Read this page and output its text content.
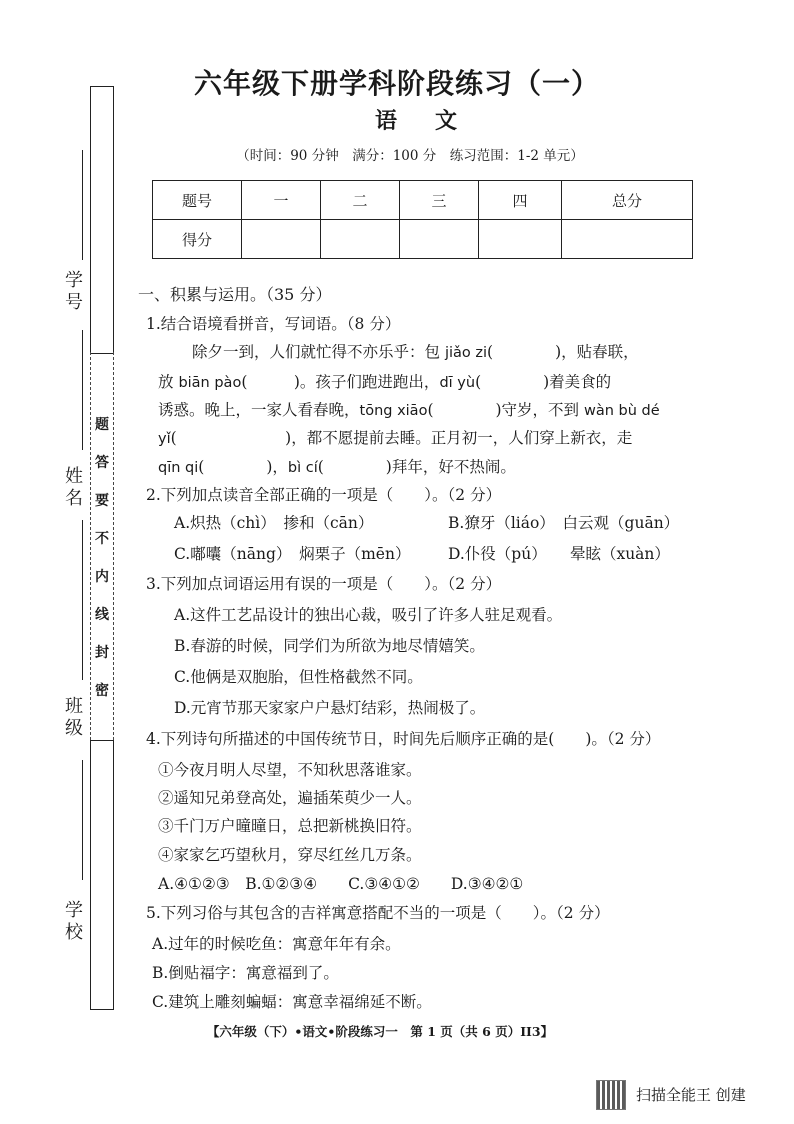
学号
姓名
班级
学校
题
答
要
不
内
线
封
密
六年级下册学科阶段练习（一）
语 文
（时间：90 分钟　满分：100 分　练习范围：1-2 单元）
题号	一	二	三	四	总分
得分					
一、积累与运用。（35 分）
1.结合语境看拼音，写词语。（8 分）
除夕一到，人们就忙得不亦乐乎：包 jiǎo zi(　　　　)，贴春联，
放 biān pào(　　　)。孩子们跑进跑出，dī yù(　　　　)着美食的
诱惑。晚上，一家人看春晚，tōng xiāo(　　　　)守岁，不到 wàn bù dé
yǐ(　　　　　　　)，都不愿提前去睡。正月初一，人们穿上新衣，走
qīn qi(　　　　)，bì cí(　　　　)拜年，好不热闹。
2.下列加点读音全部正确的一项是（　　）。（2 分）
A.炽热（chì）　掺和（cān）	B.獠牙（liáo）　白云观（guān）
C.嘟囔（nāng）　焖栗子（mēn） D.仆役（pú）　　晕眩（xuàn）
3.下列加点词语运用有误的一项是（　　）。（2 分）
A.这件工艺品设计的独出心裁，吸引了许多人驻足观看。
B.春游的时候，同学们为所欲为地尽情嬉笑。
C.他俩是双胞胎，但性格截然不同。
D.元宵节那天家家户户悬灯结彩，热闹极了。
4.下列诗句所描述的中国传统节日，时间先后顺序正确的是(　　)。（2 分）
①今夜月明人尽望，不知秋思落谁家。
②遥知兄弟登高处，遍插茱萸少一人。
③千门万户曈曈日，总把新桃换旧符。
④家家乞巧望秋月，穿尽红丝几万条。
A.④①②③　B.①②③④　　C.③④①②　　D.③④②①
5.下列习俗与其包含的吉祥寓意搭配不当的一项是（　　）。（2 分）
A.过年的时候吃鱼：寓意年年有余。
B.倒贴福字：寓意福到了。
C.建筑上雕刻蝙蝠：寓意幸福绵延不断。
【六年级（下）•语文•阶段练习一　第 1 页（共 6 页）II3】
扫描全能王 创建
